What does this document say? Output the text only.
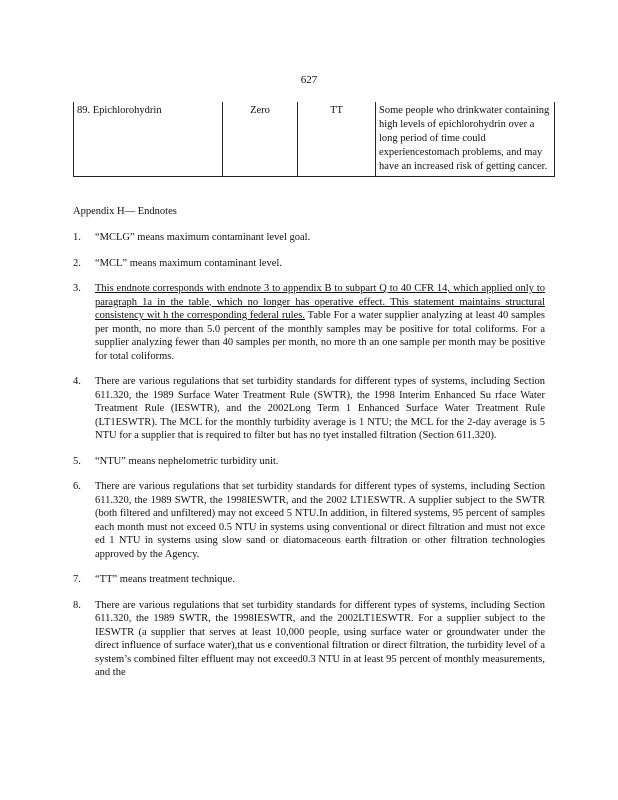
627
89. Epichlorohydrin	Zero	TT	Some people who drinkwater containing high levels of epichlorohydrin over a long period of time could experiencestomach problems, and may have an increased risk of getting cancer.
Appendix H— Endnotes
1. “MCLG” means maximum contaminant level goal.
2. “MCL” means maximum contaminant level.
3. This endnote corresponds with endnote 3 to appendix B to subpart Q to 40 CFR 14, which applied only to paragraph 1a in the table, which no longer has operative effect. This statement maintains structural consistency wit h the corresponding federal rules. Table For a water supplier analyzing at least 40 samples per month, no more than 5.0 percent of the monthly samples may be positive for total coliforms. For a supplier analyzing fewer than 40 samples per month, no more th an one sample per month may be positive for total coliforms.
4. There are various regulations that set turbidity standards for different types of systems, including Section 611.320, the 1989 Surface Water Treatment Rule (SWTR), the 1998 Interim Enhanced Su rface Water Treatment Rule (IESWTR), and the 2002Long Term 1 Enhanced Surface Water Treatment Rule (LT1ESWTR). The MCL for the monthly turbidity average is 1 NTU; the MCL for the 2-day average is 5 NTU for a supplier that is required to filter but has no tyet installed filtration (Section 611.320).
5. “NTU” means nephelometric turbidity unit.
6. There are various regulations that set turbidity standards for different types of systems, including Section 611.320, the 1989 SWTR, the 1998IESWTR, and the 2002 LT1ESWTR. A supplier subject to the SWTR (both filtered and unfiltered) may not exceed 5 NTU.In addition, in filtered systems, 95 percent of samples each month must not exceed 0.5 NTU in systems using conventional or direct filtration and must not exce ed 1 NTU in systems using slow sand or diatomaceous earth filtration or other filtration technologies approved by the Agency.
7. “TT” means treatment technique.
8. There are various regulations that set turbidity standards for different types of systems, including Section 611.320, the 1989 SWTR, the 1998IESWTR, and the 2002LT1ESWTR. For a supplier subject to the IESWTR (a supplier that serves at least 10,000 people, using surface water or groundwater under the direct influence of surface water),that us e conventional filtration or direct filtration, the turbidity level of a system’s combined filter effluent may not exceed0.3 NTU in at least 95 percent of monthly measurements, and the
